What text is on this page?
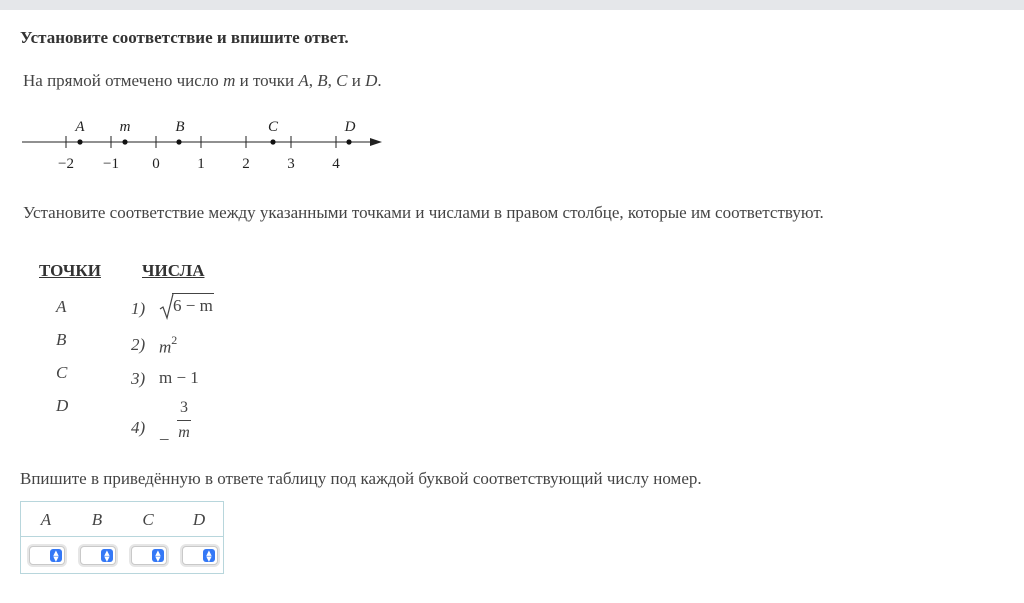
Установите соответствие и впишите ответ.
На прямой отмечено число m и точки A, B, C и D.
−2 −1 0	1	2	3	4
A m	B	C	D
Установите соответствие между указанными точками и числами в правом столбце, которые им соответствуют.
ТОЧКИ ЧИСЛА
A
B
C
D
1) 6 − m
2) $m^2$
3) m − 1
4) _
3
m
Впишите в приведённую в ответе таблицу под каждой буквой соответствующий числу номер.
A	B	C	D
▲
▼
▲
▼
▲
▼
▲
▼
